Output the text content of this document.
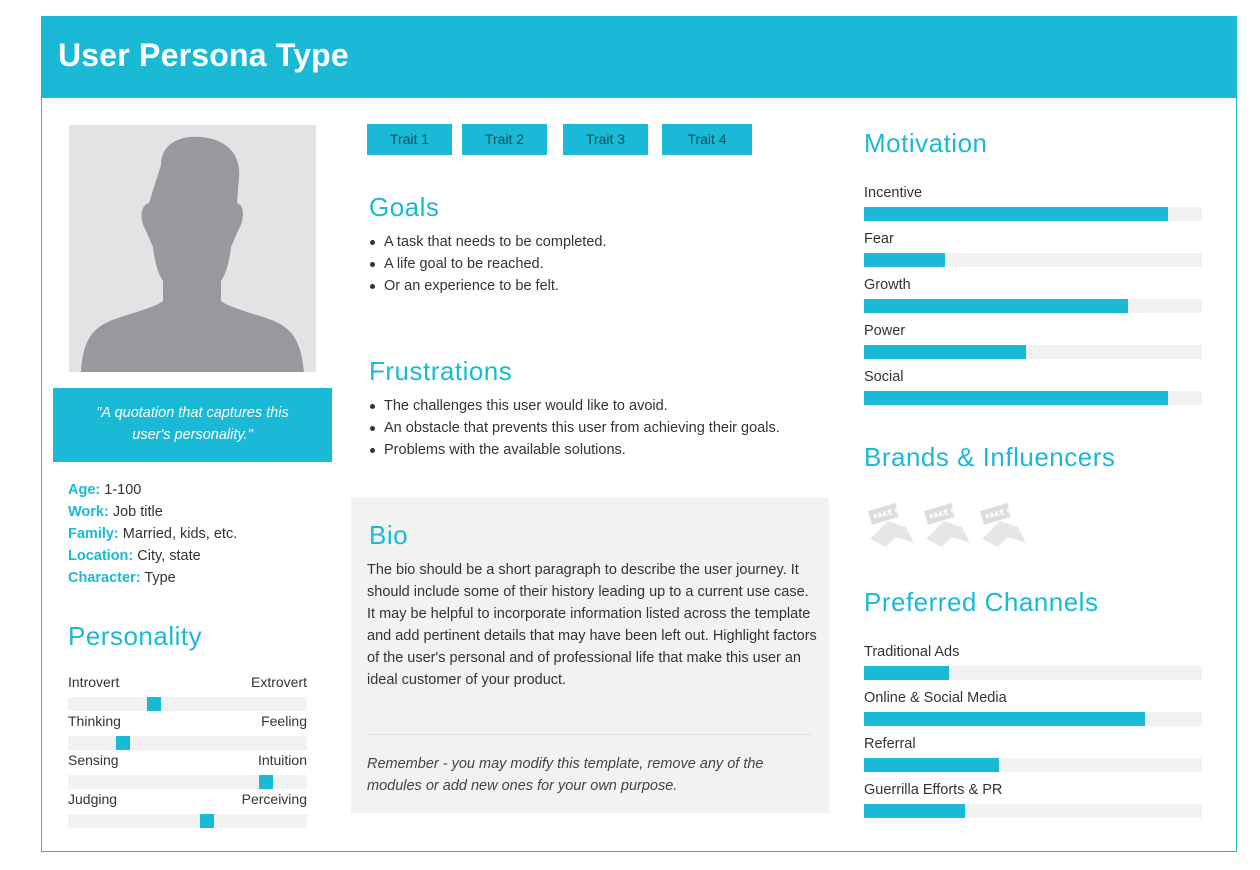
User Persona Type
"A quotation that captures this
user's personality."
Age: 1-100
Work: Job title
Family: Married, kids, etc.
Location: City, state
Character: Type
Personality
Introvert	Extrovert
Thinking	Feeling
Sensing	Intuition
Judging	Perceiving
Trait 1	Trait 2	Trait 3	Trait 4
Goals
A task that needs to be completed.
A life goal to be reached.
Or an experience to be felt.
Frustrations
The challenges this user would like to avoid.
An obstacle that prevents this user from achieving their goals.
Problems with the available solutions.
Bio
The bio should be a short paragraph to describe the user journey. It should include some of their history leading up to a current use case. It may be helpful to incorporate information listed across the template and add pertinent details that may have been left out. Highlight factors of the user's personal and of professional life that make this user an ideal customer of your product.
Remember - you may modify this template, remove any of the modules or add new ones for your own purpose.
Motivation
Incentive
Fear
Growth
Power
Social
Brands & Influencers
FAKE CROW FAKE CROW FAKE CROW
Preferred Channels
Traditional Ads
Online & Social Media
Referral
Guerrilla Efforts & PR
